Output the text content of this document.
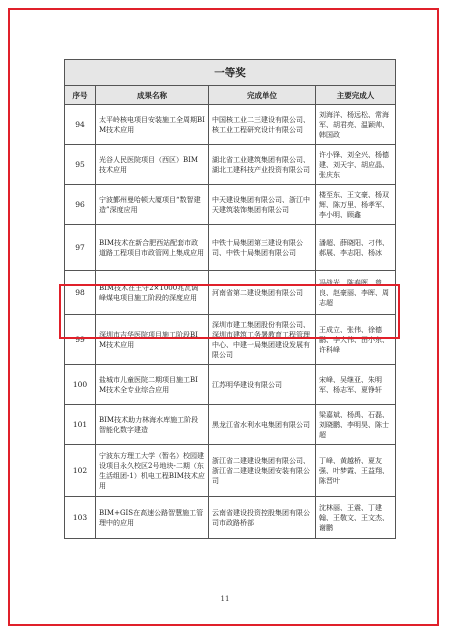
一等奖			
序号	成果名称	完成单位	主要完成人
94	太平岭核电项目安装施工全周期BIM技术应用	中国核工业二三建设有限公司、核工业工程研究设计有限公司	刘海洋、杨远松、常海军、胡君亮、温颖帅、韩国政
95	光谷人民医院项目（西区）BIM技术应用	湖北省工业建筑集团有限公司、湖北工建科技产业投资有限公司	许小锋、刘全兴、杨德建、刘天宇、胡应晶、张庆东
96	宁波鄞州曼哈顿大厦项目“数智建造”深度应用	中天建设集团有限公司、浙江中天建筑装饰集团有限公司	楼至东、王文豪、杨双辉、陈万里、杨孝军、李小明、顾鑫
97	BIM技术在新合肥西站配套市政道路工程项目市政管网上集成应用	中铁十局集团第三建设有限公司、中铁十局集团有限公司	潘超、薛晓阳、刁伟、郝展、李志阳、杨冰
98	BIM技术在王守2×1000兆瓦调峰煤电项目施工阶段的深度应用	河南省第二建设集团有限公司	冯战光、陈春晖、曾良、赵豪丽、李晖、周志超
99	深圳市吉华医院项目施工阶段BIM技术应用	深圳市建工集团股份有限公司、深圳市建筑工务署教育工程管理中心、中建一局集团建设发展有限公司	王成立、张伟、徐德鹏、李大伟、田小东、许科峰
100	盐城市儿童医院二期项目施工BIM技术全专业综合应用	江苏明华建设有限公司	宋峰、吴继亚、朱明军、杨志军、夏铮轩
101	BIM技术助力林海水库施工阶段智能化数字建造	黑龙江省水利水电集团有限公司	梁嘉斌、杨禹、石磊、刘晓鹏、李明昊、陈士超
102	宁波东方理工大学（暂名）校园建设项目永久校区2号地块-二期（东生活组团-1）机电工程BIM技术应用	浙江省二建建设集团有限公司、浙江省二建建设集团安装有限公司	丁峰、黄越桥、夏友强、叶梦霞、王益翔、陈晋叶
103	BIM+GIS在高速公路智慧施工管理中的应用	云南省建设投资控股集团有限公司市政路桥部	沈林丽、王震、丁建翰、王敬文、王文杰、谢鹏
11
